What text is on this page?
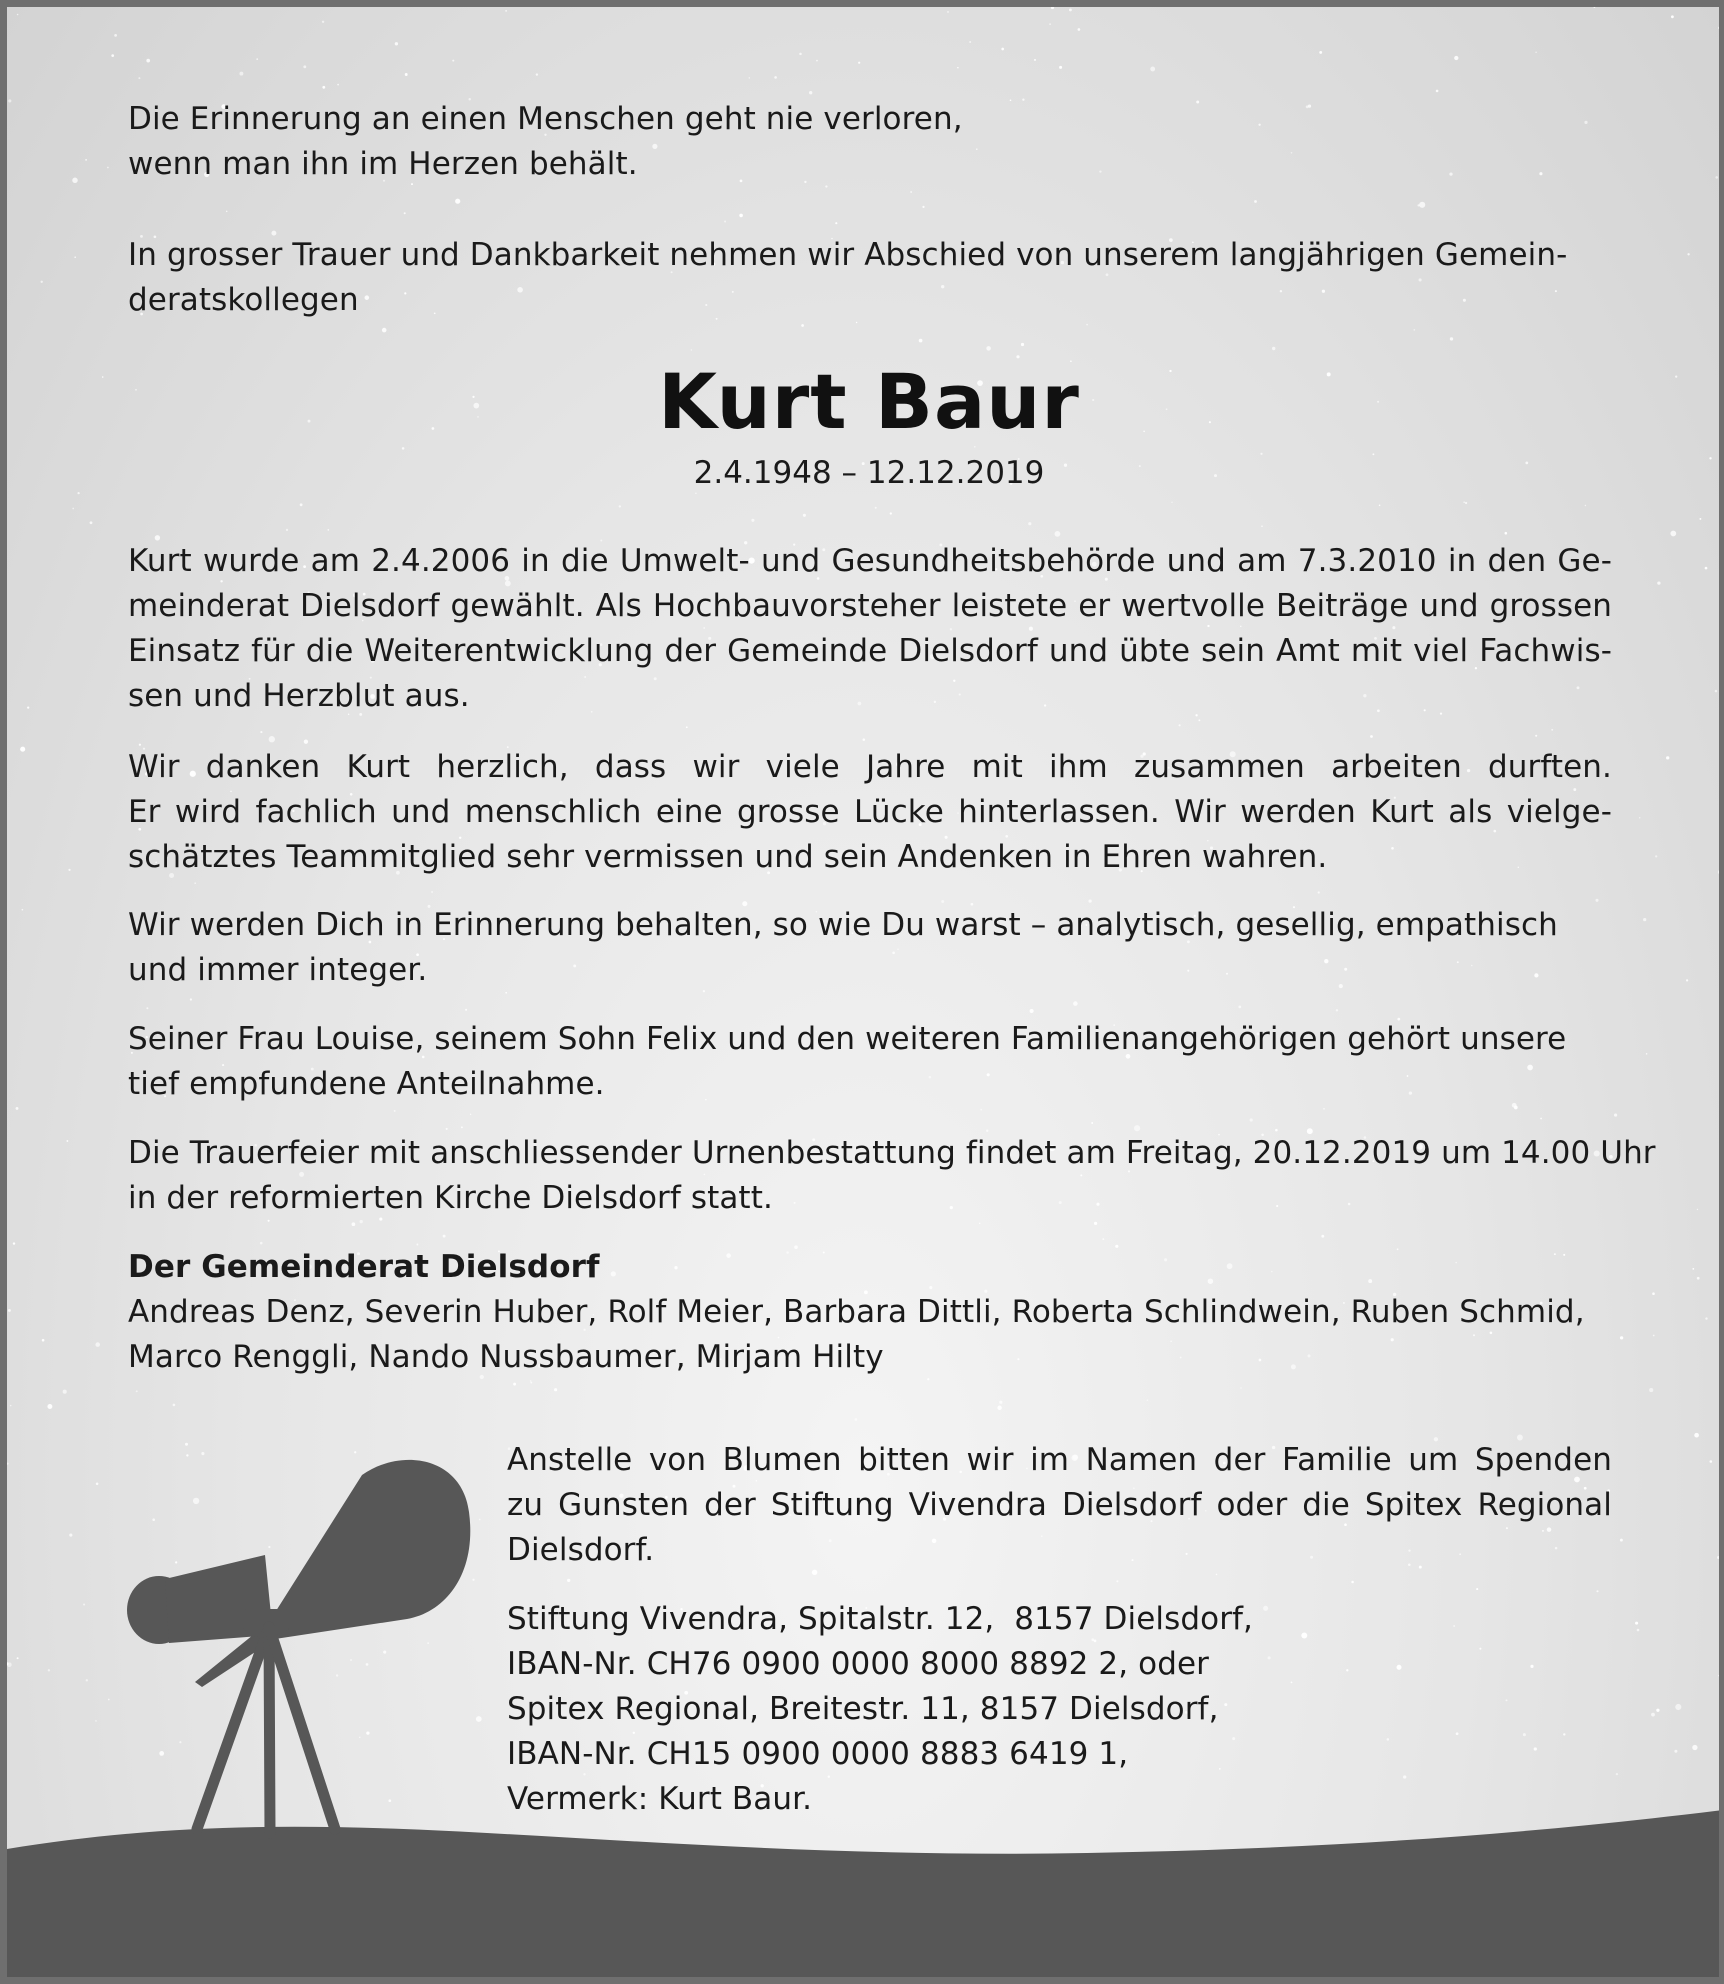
Die Erinnerung an einen Menschen geht nie verloren,
wenn man ihn im Herzen behält.
In grosser Trauer und Dankbarkeit nehmen wir Abschied von unserem langjährigen Gemein-
deratskollegen
Kurt Baur
2.4.1948 – 12.12.2019
Kurt wurde am 2.4.2006 in die Umwelt- und Gesundheitsbehörde und am 7.3.2010 in den Ge-
meinderat Dielsdorf gewählt. Als Hochbauvorsteher leistete er wertvolle Beiträge und grossen
Einsatz für die Weiterentwicklung der Gemeinde Dielsdorf und übte sein Amt mit viel Fachwis-
sen und Herzblut aus.
Wir danken Kurt herzlich, dass wir viele Jahre mit ihm zusammen arbeiten durften.
Er wird fachlich und menschlich eine grosse Lücke hinterlassen. Wir werden Kurt als vielge-
schätztes Teammitglied sehr vermissen und sein Andenken in Ehren wahren.
Wir werden Dich in Erinnerung behalten, so wie Du warst – analytisch, gesellig, empathisch
und immer integer.
Seiner Frau Louise, seinem Sohn Felix und den weiteren Familienangehörigen gehört unsere
tief empfundene Anteilnahme.
Die Trauerfeier mit anschliessender Urnenbestattung findet am Freitag, 20.12.2019 um 14.00 Uhr
in der reformierten Kirche Dielsdorf statt.
Der Gemeinderat Dielsdorf
Andreas Denz, Severin Huber, Rolf Meier, Barbara Dittli, Roberta Schlindwein, Ruben Schmid,
Marco Renggli, Nando Nussbaumer, Mirjam Hilty
Anstelle von Blumen bitten wir im Namen der Familie um Spenden
zu Gunsten der Stiftung Vivendra Dielsdorf oder die Spitex Regional
Dielsdorf.
Stiftung Vivendra, Spitalstr. 12,  8157 Dielsdorf,
IBAN-Nr. CH76 0900 0000 8000 8892 2, oder
Spitex Regional, Breitestr. 11, 8157 Dielsdorf,
IBAN-Nr. CH15 0900 0000 8883 6419 1,
Vermerk: Kurt Baur.
